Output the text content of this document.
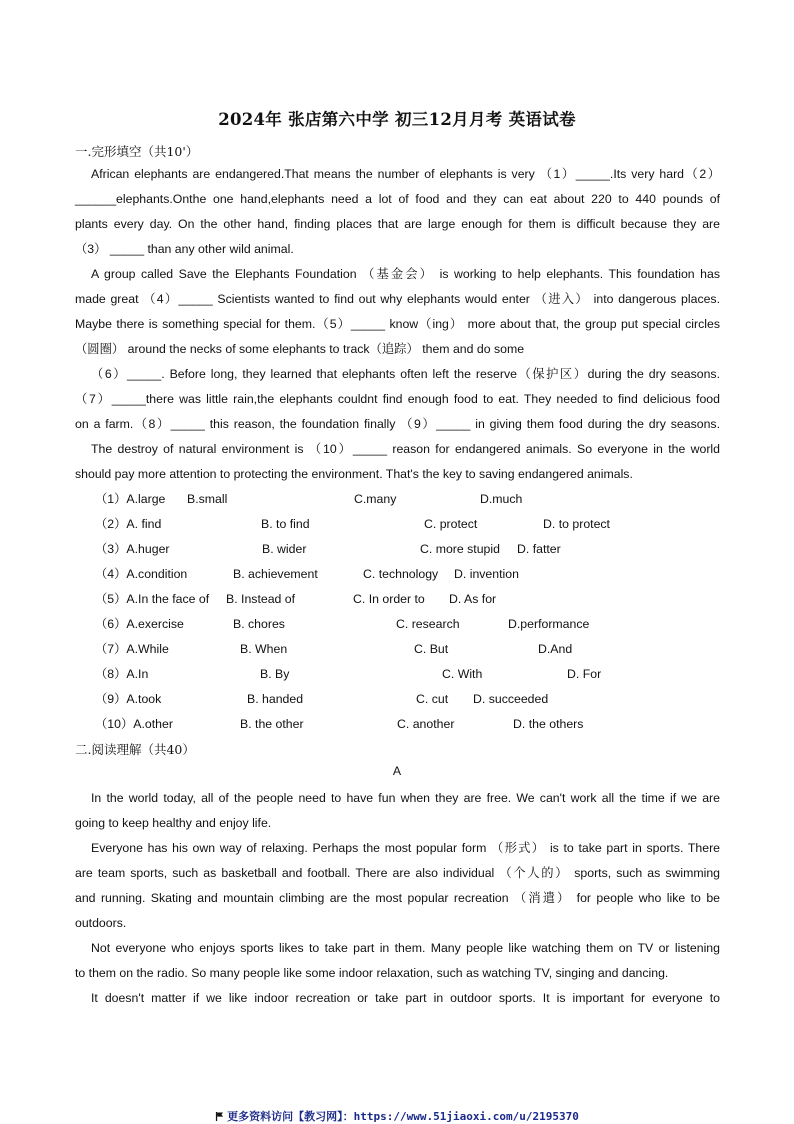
2024年 张店第六中学 初三12月月考 英语试卷
一.完形填空（共10'）
African elephants are endangered.That means the number of elephants is very （1）_____.Its very hard（2）
______elephants.Onthe one hand,elephants need a lot of food and they can eat about 220 to 440 pounds of
plants every day. On the other hand, finding places that are large enough for them is difficult because they are
（3） _____ than any other wild animal.
A group called Save the Elephants Foundation （基金会） is working to help elephants. This foundation has
made great （4）_____ Scientists wanted to find out why elephants would enter （进入） into dangerous places.
Maybe there is something special for them.（5）_____ know（ing） more about that, the group put special circles
（圆圈） around the necks of some elephants to track（追踪） them and do some
（6）_____. Before long, they learned that elephants often left the reserve（保护区）during the dry seasons.
（7）_____there was little rain,the elephants couldnt find enough food to eat. They needed to find delicious food
on a farm.（8）_____ this reason, the foundation finally （9）_____ in giving them food during the dry seasons.
The destroy of natural environment is （10）_____ reason for endangered animals. So everyone in the world
should pay more attention to protecting the environment. That's the key to saving endangered animals.
（1）A.large B.small	C.many	D.much
（2）A. find	B. to find	C. protect	D. to protect
（3）A.huger	B. wider	C. more stupid D. fatter
（4）A.condition	B. achievement	C. technology D. invention
（5）A.In the face of B. Instead of	C. In order to D. As for
（6）A.exercise	B. chores	C. research	D.performance
（7）A.While	B. When	C. But	D.And
（8）A.In	B. By	C. With	D. For
（9）A.took	B. handed	C. cut D. succeeded
（10）A.other	B. the other	C. another	D. the others
二.阅读理解（共40）
A
In the world today, all of the people need to have fun when they are free. We can't work all the time if we are
going to keep healthy and enjoy life.
Everyone has his own way of relaxing. Perhaps the most popular form （形式） is to take part in sports. There
are team sports, such as basketball and football. There are also individual （个人的） sports, such as swimming
and running. Skating and mountain climbing are the most popular recreation （消遣） for people who like to be
outdoors.
Not everyone who enjoys sports likes to take part in them. Many people like watching them on TV or listening
to them on the radio. So many people like some indoor relaxation, such as watching TV, singing and dancing.
It doesn't matter if we like indoor recreation or take part in outdoor sports. It is important for everyone to
更多资料访问【教习网】：https://www.51jiaoxi.com/u/2195370
